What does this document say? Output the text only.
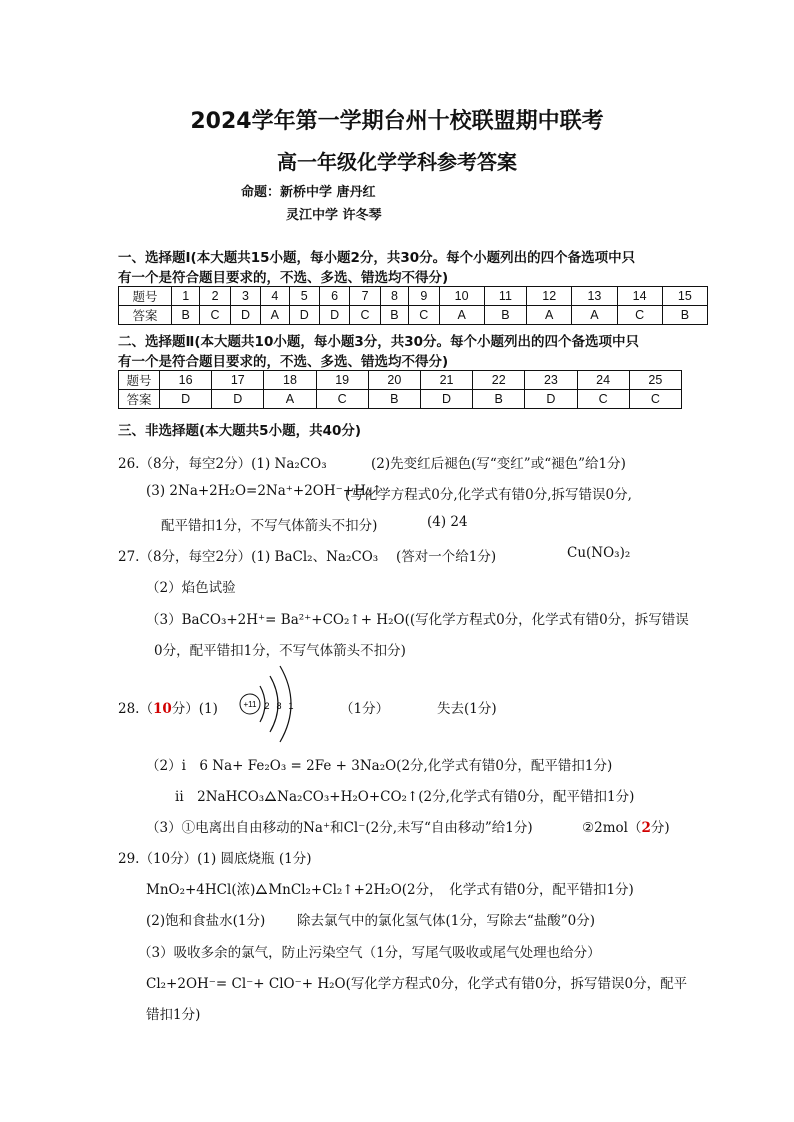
2024学年第一学期台州十校联盟期中联考
高一年级化学学科参考答案
命题：新桥中学 唐丹红
灵江中学 许冬琴
一、选择题Ⅰ(本大题共15小题，每小题2分，共30分。每个小题列出的四个备选项中只
有一个是符合题目要求的，不选、多选、错选均不得分)
题号	1	2	3	4	5	6	7	8	9	10	11	12	13	14	15
答案	B	C	D	A	D	D	C	B	C	A	B	A	A	C	B
二、选择题Ⅱ(本大题共10小题，每小题3分，共30分。每个小题列出的四个备选项中只
有一个是符合题目要求的，不选、多选、错选均不得分)
题号	16	17	18	19	20	21	22	23	24	25
答案	D	D	A	C	B	D	B	D	C	C
三、非选择题(本大题共5小题，共40分)
26.（8分，每空2分）(1) Na₂CO₃	(2)先变红后褪色(写“变红”或“褪色”给1分)
(3) 2Na+2H₂O=2Na⁺+2OH⁻+H₂↑
(写化学方程式0分,化学式有错0分,拆写错误0分,
配平错扣1分，不写气体箭头不扣分)	(4) 24
27.（8分，每空2分）(1) BaCl₂、Na₂CO₃ (答对一个给1分)	Cu(NO₃)₂
（2）焰色试验
（3）BaCO₃+2H⁺= Ba²⁺+CO₂↑+ H₂O((写化学方程式0分，化学式有错0分，拆写错误
0分，配平错扣1分，不写气体箭头不扣分)
28.（10分）(1)	+11 2 8 1	（1分）	失去(1分)
（2）i　6 Na+ Fe₂O₃ = 2Fe + 3Na₂O(2分,化学式有错0分，配平错扣1分)
ii　2NaHCO₃ Na₂CO₃+H₂O+CO₂↑(2分,化学式有错0分，配平错扣1分)
（3）①电离出自由移动的Na⁺和Cl⁻(2分,未写“自由移动”给1分)	②2mol（2分)
29.（10分）(1) 圆底烧瓶 (1分)
MnO₂+4HCl(浓) MnCl₂+Cl₂↑+2H₂O(2分，　化学式有错0分，配平错扣1分)
(2)饱和食盐水(1分) 除去氯气中的氯化氢气体(1分，写除去“盐酸”0分)
（3）吸收多余的氯气，防止污染空气（1分，写尾气吸收或尾气处理也给分）
Cl₂+2OH⁻= Cl⁻+ ClO⁻+ H₂O(写化学方程式0分，化学式有错0分，拆写错误0分，配平
错扣1分)
